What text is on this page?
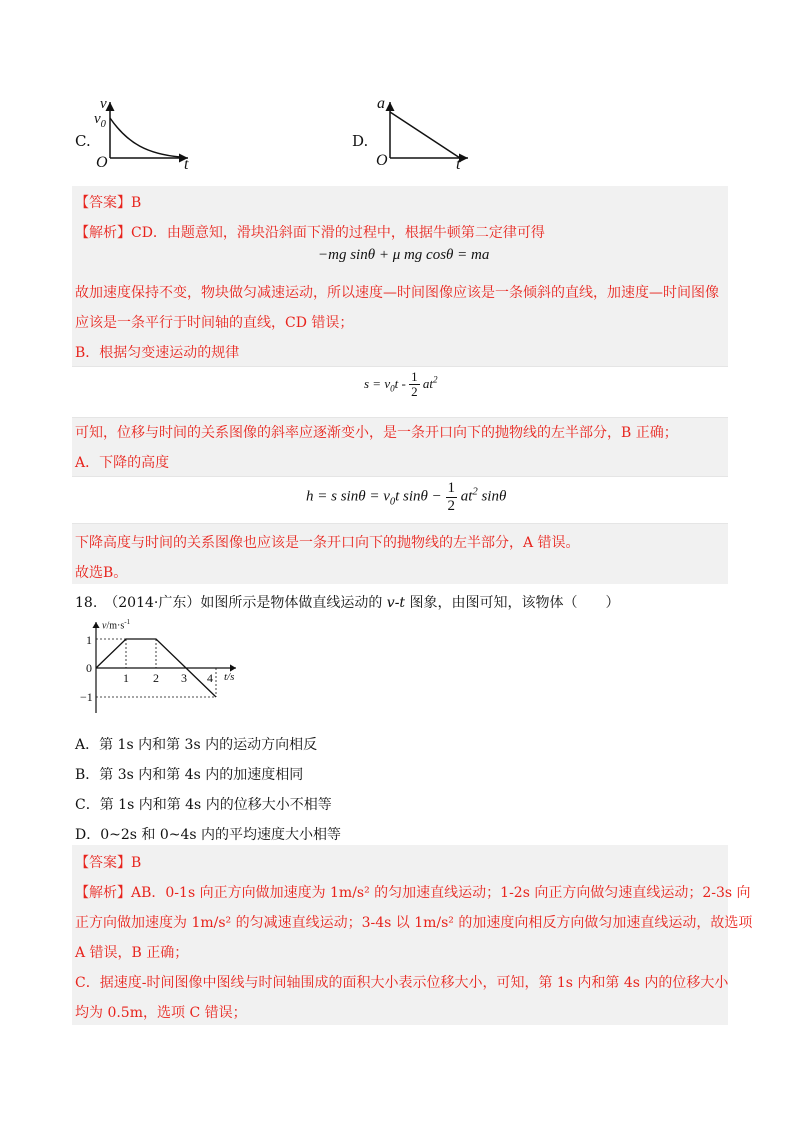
C.
v
$v_0$
O	t
D.
a
O	t
【答案】B
【解析】CD．由题意知，滑块沿斜面下滑的过程中，根据牛顿第二定律可得
−mg sinθ + μ mg cosθ = ma
故加速度保持不变，物块做匀减速运动，所以速度—时间图像应该是一条倾斜的直线，加速度—时间图像
应该是一条平行于时间轴的直线，CD 错误；
B．根据匀变速运动的规律
$s = v_0t - \frac{1}{2} at^2$
可知，位移与时间的关系图像的斜率应逐渐变小，是一条开口向下的抛物线的左半部分，B 正确；
A．下降的高度
h = s $\sin\theta = v_0t$ $\sin\theta - \frac{1}{2} at^2$ sinθ
下降高度与时间的关系图像也应该是一条开口向下的抛物线的左半部分，A 错误。
故选B。
18.　（2014·广东）如图所示是物体做直线运动的 v-t 图象，由图可知，该物体（　　）
$v/m\cdot s^{-1}$
1
0
−1
1 2 3 4 t/s
A．第 1s 内和第 3s 内的运动方向相反
B．第 3s 内和第 4s 内的加速度相同
C．第 1s 内和第 4s 内的位移大小不相等
D．0~2s 和 0~4s 内的平均速度大小相等
【答案】B
【解析】AB．0-1s 向正方向做加速度为 1m/s² 的匀加速直线运动；1-2s 向正方向做匀速直线运动；2-3s 向
正方向做加速度为 1m/s² 的匀减速直线运动；3-4s 以 1m/s² 的加速度向相反方向做匀加速直线运动，故选项
A 错误，B 正确；
C．据速度-时间图像中图线与时间轴围成的面积大小表示位移大小，可知，第 1s 内和第 4s 内的位移大小
均为 0.5m，选项 C 错误；
